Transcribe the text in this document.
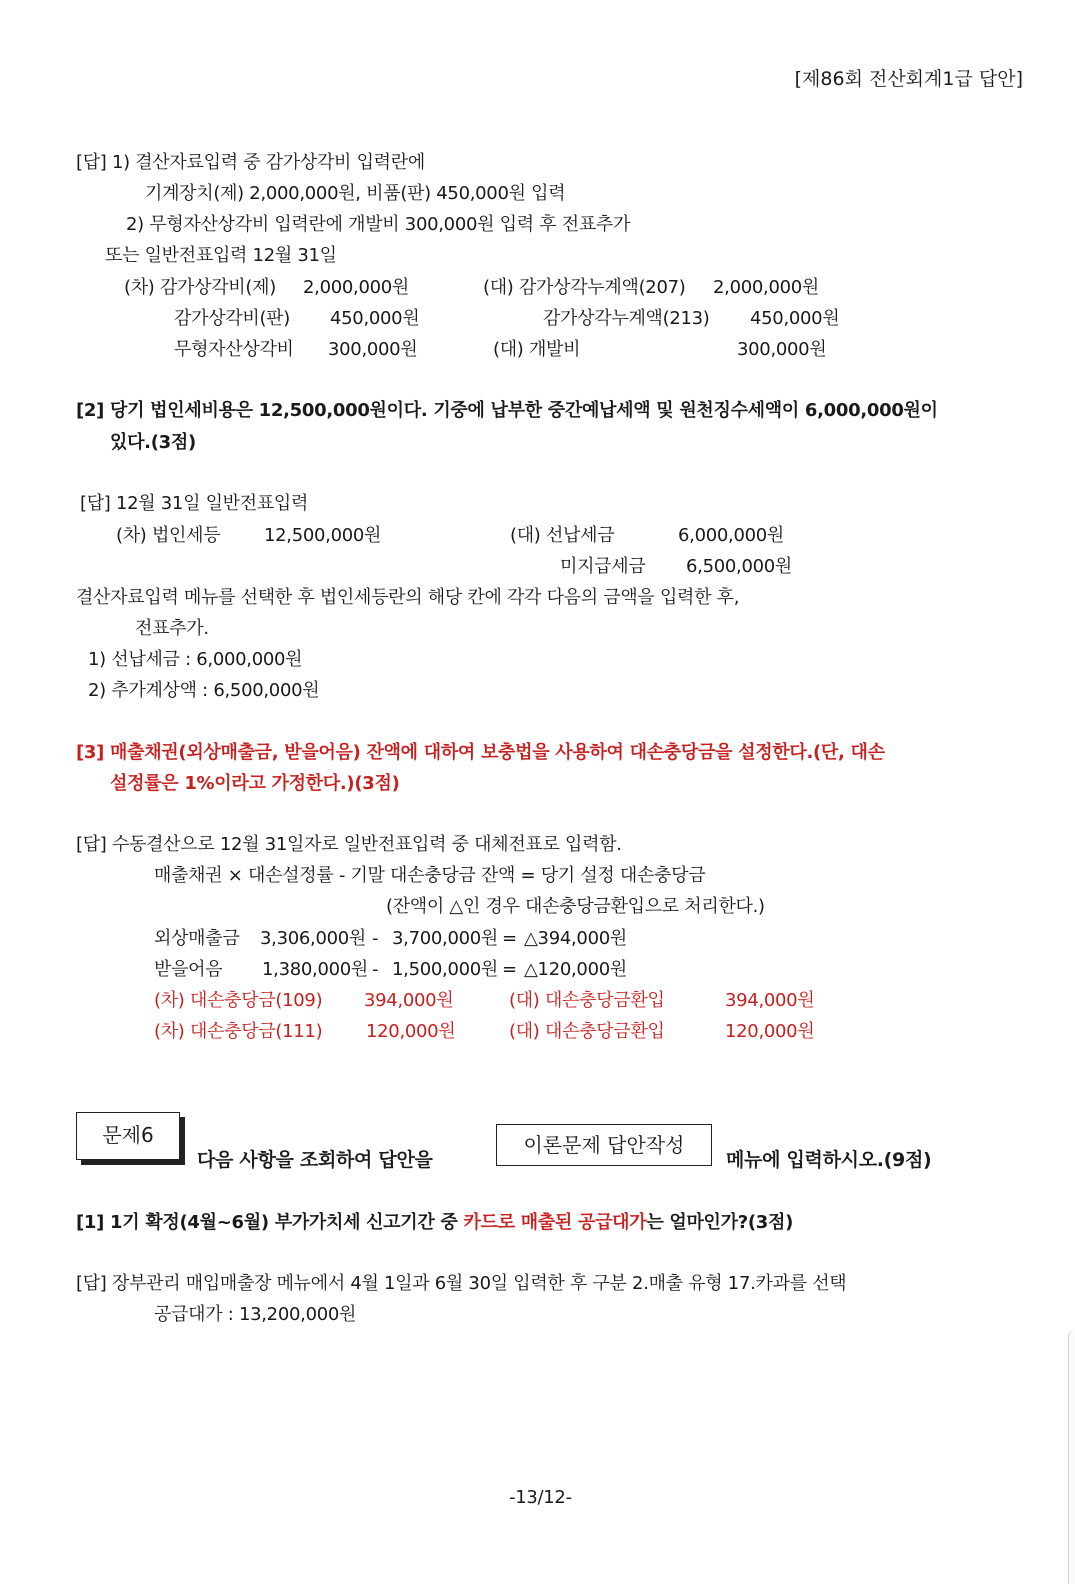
[제86회 전산회계1급 답안]
[답] 1) 결산자료입력 중 감가상각비 입력란에
기계장치(제) 2,000,000원, 비품(판) 450,000원 입력
2) 무형자산상각비 입력란에 개발비 300,000원 입력 후 전표추가
또는 일반전표입력 12월 31일
(차) 감가상각비(제) 2,000,000원	(대) 감가상각누계액(207) 2,000,000원
감가상각비(판) 450,000원	감가상각누계액(213) 450,000원
무형자산상각비 300,000원	(대) 개발비	300,000원
[2] 당기 법인세비용은 12,500,000원이다. 기중에 납부한 중간예납세액 및 원천징수세액이 6,000,000원이
있다.(3점)
[답] 12월 31일 일반전표입력
(차) 법인세등 12,500,000원	(대) 선납세금	6,000,000원
미지급세금 6,500,000원
결산자료입력 메뉴를 선택한 후 법인세등란의 해당 칸에 각각 다음의 금액을 입력한 후,
전표추가.
1) 선납세금 : 6,000,000원
2) 추가계상액 : 6,500,000원
[3] 매출채권(외상매출금, 받을어음) 잔액에 대하여 보충법을 사용하여 대손충당금을 설정한다.(단, 대손
설정률은 1%이라고 가정한다.)(3점)
[답] 수동결산으로 12월 31일자로 일반전표입력 중 대체전표로 입력함.
매출채권 × 대손설정률 - 기말 대손충당금 잔액 = 당기 설정 대손충당금
(잔액이 △인 경우 대손충당금환입으로 처리한다.)
외상매출금 3,306,000원 - 3,700,000원 = △394,000원
받을어음 1,380,000원 - 1,500,000원 = △120,000원
(차) 대손충당금(109) 394,000원	(대) 대손충당금환입	394,000원
(차) 대손충당금(111) 120,000원	(대) 대손충당금환입	120,000원
문제6
다음 사항을 조회하여 답안을
이론문제 답안작성
메뉴에 입력하시오.(9점)
[1] 1기 확정(4월~6월) 부가가치세 신고기간 중 카드로 매출된 공급대가는 얼마인가?(3점)
[답] 장부관리 매입매출장 메뉴에서 4월 1일과 6월 30일 입력한 후 구분 2.매출 유형 17.카과를 선택
공급대가 : 13,200,000원
-13/12-
